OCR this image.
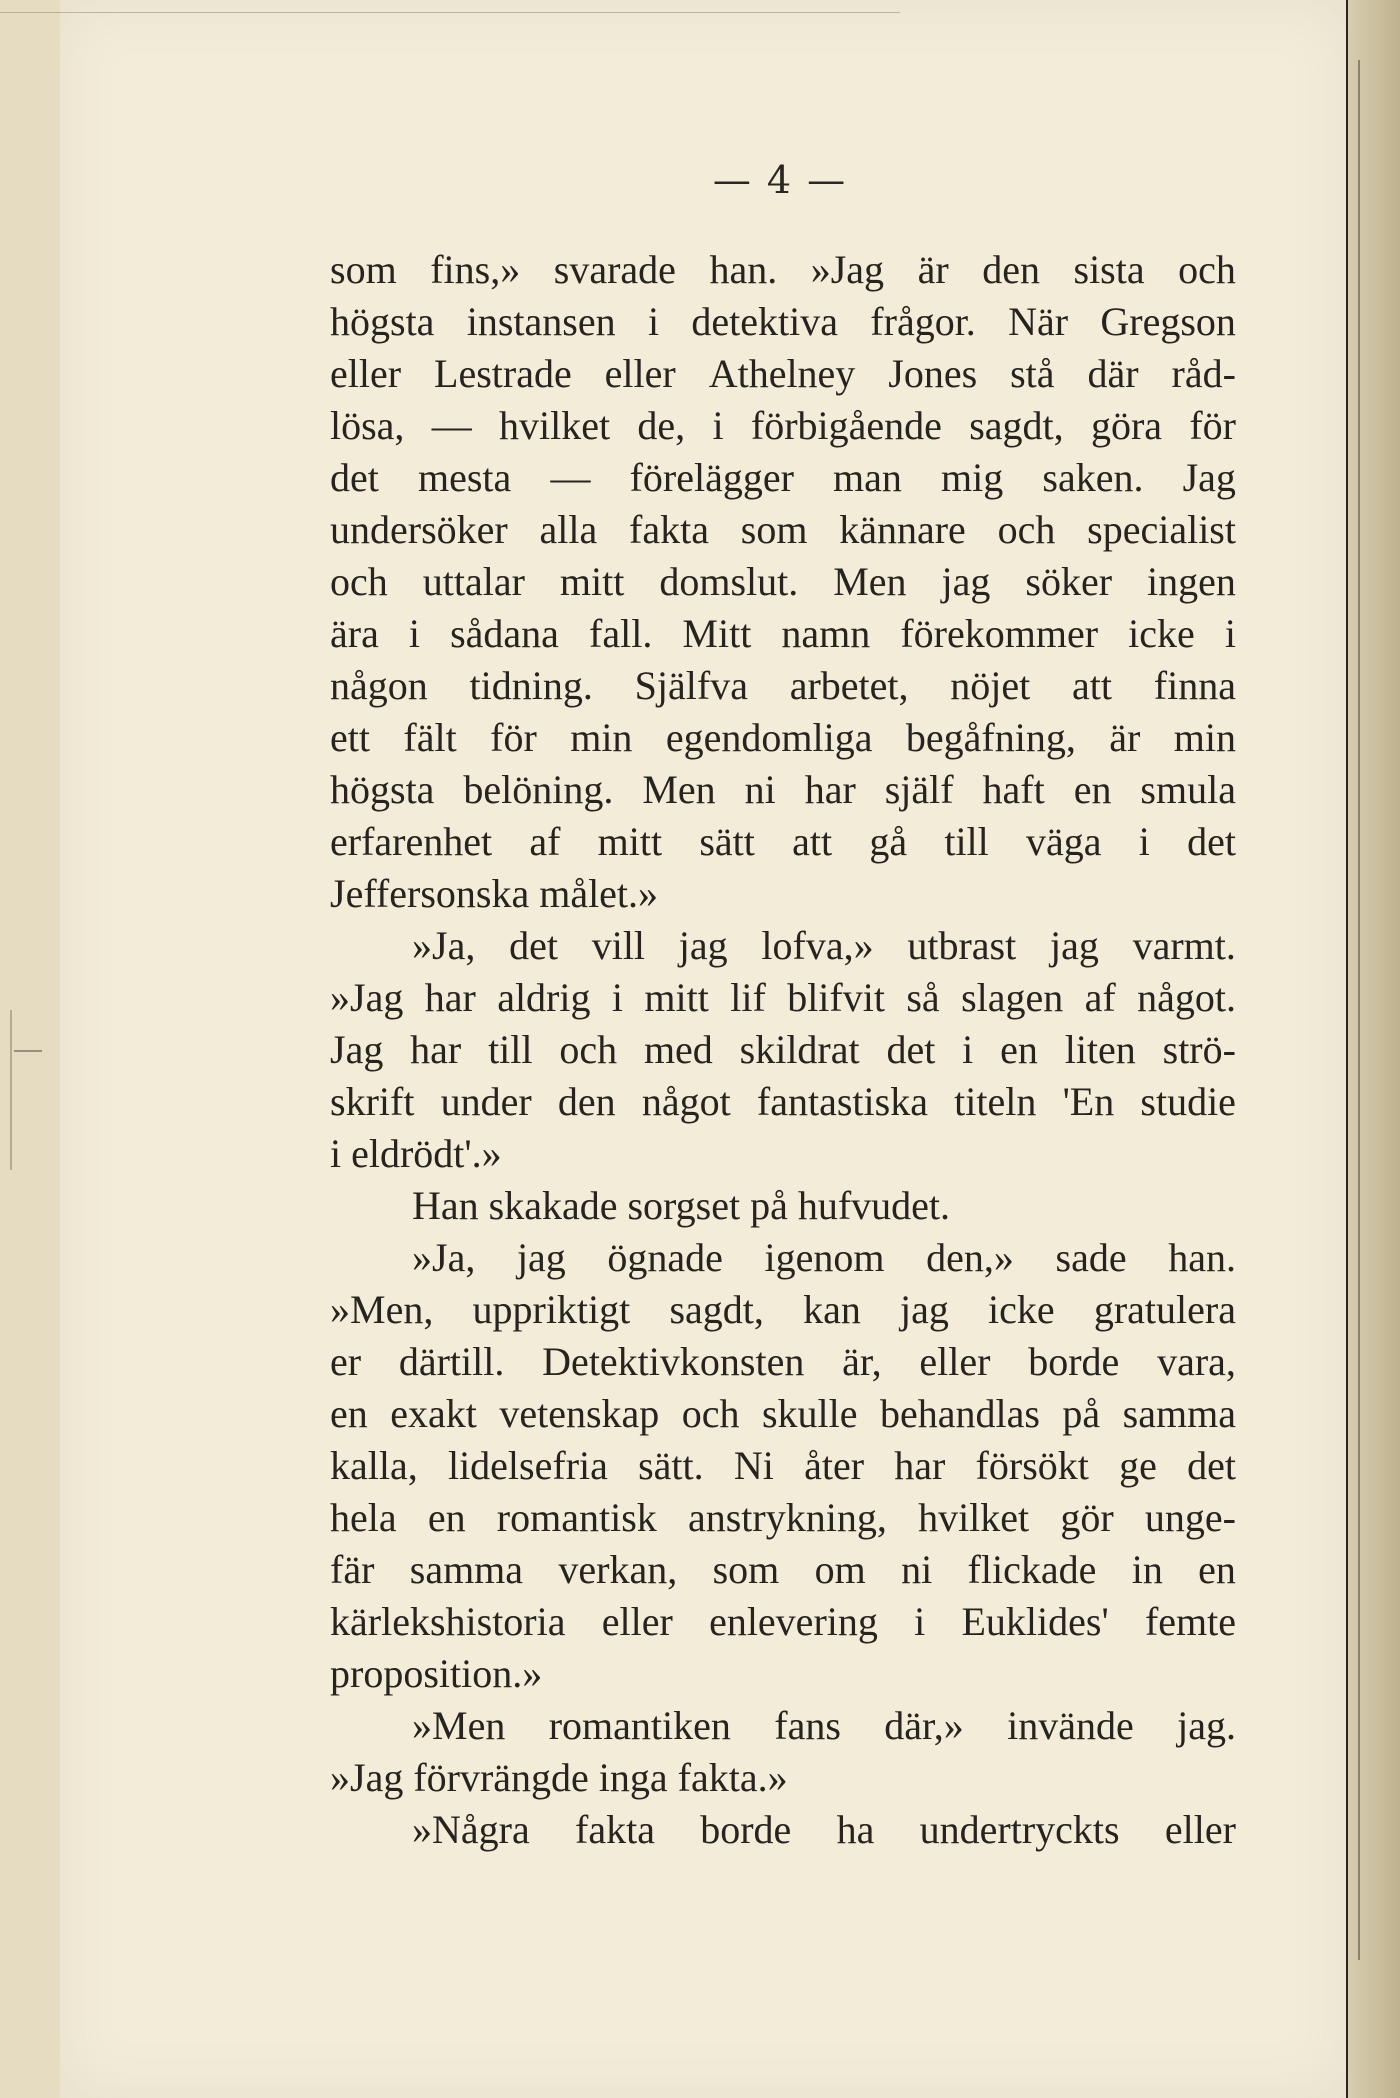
— 4 —
som fins,» svarade han. »Jag är den sista och
högsta instansen i detektiva frågor. När Gregson
eller Lestrade eller Athelney Jones stå där råd-
lösa, — hvilket de, i förbigående sagdt, göra för
det mesta — förelägger man mig saken. Jag
undersöker alla fakta som kännare och specialist
och uttalar mitt domslut. Men jag söker ingen
ära i sådana fall. Mitt namn förekommer icke i
någon tidning. Själfva arbetet, nöjet att finna
ett fält för min egendomliga begåfning, är min
högsta belöning. Men ni har själf haft en smula
erfarenhet af mitt sätt att gå till väga i det
Jeffersonska målet.»
»Ja, det vill jag lofva,» utbrast jag varmt.
»Jag har aldrig i mitt lif blifvit så slagen af något.
Jag har till och med skildrat det i en liten strö-
skrift under den något fantastiska titeln 'En studie
i eldrödt'.»
Han skakade sorgset på hufvudet.
»Ja, jag ögnade igenom den,» sade han.
»Men, uppriktigt sagdt, kan jag icke gratulera
er därtill. Detektivkonsten är, eller borde vara,
en exakt vetenskap och skulle behandlas på samma
kalla, lidelsefria sätt. Ni åter har försökt ge det
hela en romantisk anstrykning, hvilket gör unge-
fär samma verkan, som om ni flickade in en
kärlekshistoria eller enlevering i Euklides' femte
proposition.»
»Men romantiken fans där,» invände jag.
»Jag förvrängde inga fakta.»
»Några fakta borde ha undertryckts eller
